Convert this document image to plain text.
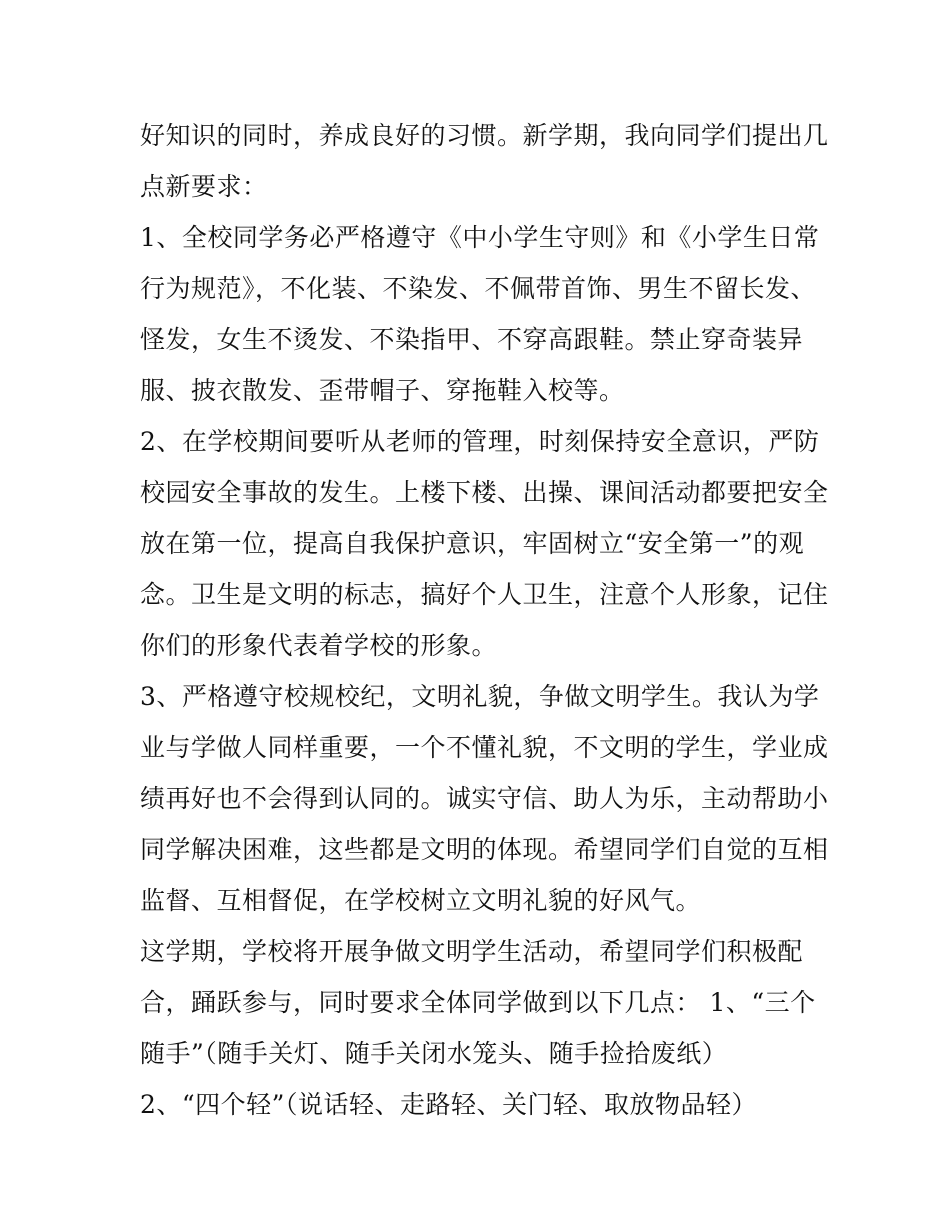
好知识的同时，养成良好的习惯。新学期，我向同学们提出几
点新要求：
1、全校同学务必严格遵守《中小学生守则》和《小学生日常
行为规范》，不化装、不染发、不佩带首饰、男生不留长发、
怪发，女生不烫发、不染指甲、不穿高跟鞋。禁止穿奇装异
服、披衣散发、歪带帽子、穿拖鞋入校等。
2、在学校期间要听从老师的管理，时刻保持安全意识，严防
校园安全事故的发生。上楼下楼、出操、课间活动都要把安全
放在第一位，提高自我保护意识，牢固树立“安全第一”的观
念。卫生是文明的标志，搞好个人卫生，注意个人形象，记住
你们的形象代表着学校的形象。
3、严格遵守校规校纪，文明礼貌，争做文明学生。我认为学
业与学做人同样重要，一个不懂礼貌，不文明的学生，学业成
绩再好也不会得到认同的。诚实守信、助人为乐，主动帮助小
同学解决困难，这些都是文明的体现。希望同学们自觉的互相
监督、互相督促，在学校树立文明礼貌的好风气。
这学期，学校将开展争做文明学生活动，希望同学们积极配
合，踊跃参与，同时要求全体同学做到以下几点： 1、“三个
随手”（随手关灯、随手关闭水笼头、随手捡拾废纸）
2、“四个轻”（说话轻、走路轻、关门轻、取放物品轻）
